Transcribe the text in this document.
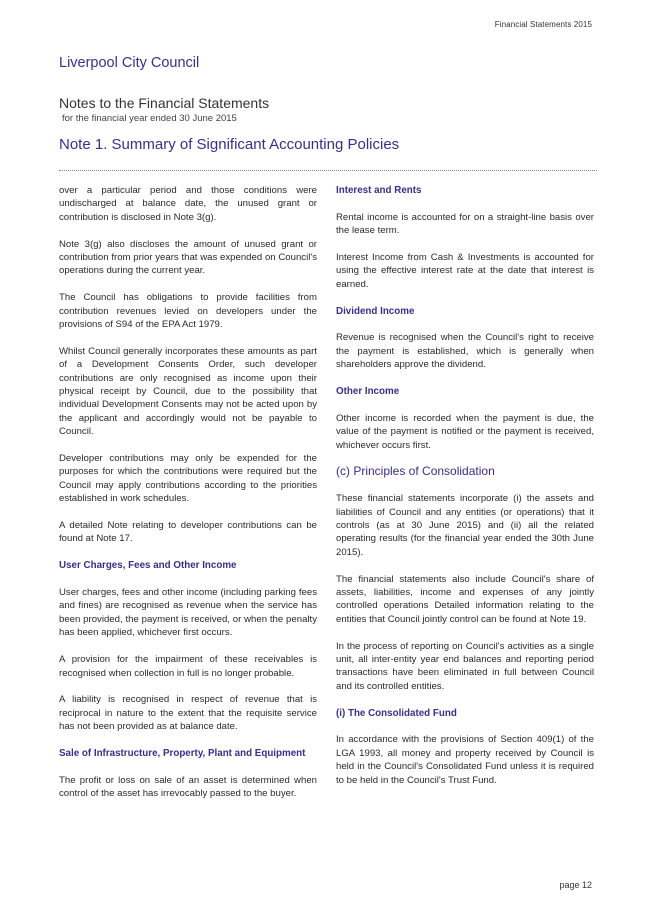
Financial Statements 2015
Liverpool City Council
Notes to the Financial Statements
for the financial year ended 30 June 2015
Note 1. Summary of Significant Accounting Policies

over a particular period and those conditions were undischarged at balance date, the unused grant or contribution is disclosed in Note 3(g).

Note 3(g) also discloses the amount of unused grant or contribution from prior years that was expended on Council's operations during the current year.

The Council has obligations to provide facilities from contribution revenues levied on developers under the provisions of S94 of the EPA Act 1979.

Whilst Council generally incorporates these amounts as part of a Development Consents Order, such developer contributions are only recognised as income upon their physical receipt by Council, due to the possibility that individual Development Consents may not be acted upon by the applicant and accordingly would not be payable to Council.

Developer contributions may only be expended for the purposes for which the contributions were required but the Council may apply contributions according to the priorities established in work schedules.

A detailed Note relating to developer contributions can be found at Note 17.

User Charges, Fees and Other Income

User charges, fees and other income (including parking fees and fines) are recognised as revenue when the service has been provided, the payment is received, or when the penalty has been applied, whichever first occurs.

A provision for the impairment of these receivables is recognised when collection in full is no longer probable.

A liability is recognised in respect of revenue that is reciprocal in nature to the extent that the requisite service has not been provided as at balance date.

Sale of Infrastructure, Property, Plant and Equipment

The profit or loss on sale of an asset is determined when control of the asset has irrevocably passed to the buyer.

Interest and Rents

Rental income is accounted for on a straight-line basis over the lease term.

Interest Income from Cash & Investments is accounted for using the effective interest rate at the date that interest is earned.

Dividend Income

Revenue is recognised when the Council's right to receive the payment is established, which is generally when shareholders approve the dividend.

Other Income

Other income is recorded when the payment is due, the value of the payment is notified or the payment is received, whichever occurs first.

(c) Principles of Consolidation

These financial statements incorporate (i) the assets and liabilities of Council and any entities (or operations) that it controls (as at 30 June 2015) and (ii) all the related operating results (for the financial year ended the 30th June 2015).

The financial statements also include Council's share of assets, liabilities, income and expenses of any jointly controlled operations Detailed information relating to the entities that Council jointly control can be found at Note 19.

In the process of reporting on Council's activities as a single unit, all inter-entity year end balances and reporting period transactions have been eliminated in full between Council and its controlled entities.

(i) The Consolidated Fund

In accordance with the provisions of Section 409(1) of the LGA 1993, all money and property received by Council is held in the Council's Consolidated Fund unless it is required to be held in the Council's Trust Fund.

page 12
